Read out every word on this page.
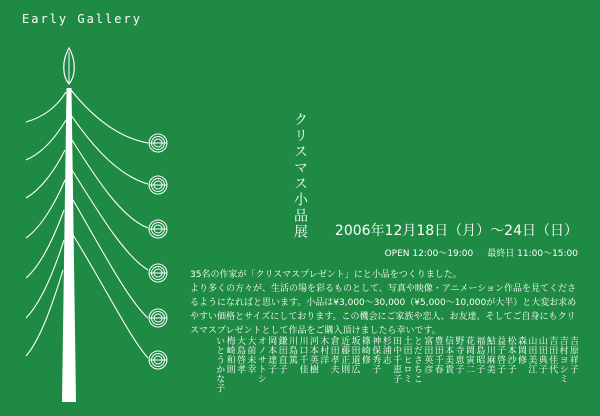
Early Gallery
クリスマス小品展 2006年12月18日（月）〜24日（日）
OPEN 12:00〜19:00 最終日 11:00〜15:00

35名の作家が「クリスマスプレゼント」にと小品をつくりました。

より多くの方々が、生活の場を彩るものとして、写真や映像・アニメーション作品を見てくださ

るようになればと思います。小品は¥3,000〜30,000（¥5,000〜10,000が大半）と大変お求め

やすい価格とサイズにしております。この機会にご家族や恋人、お友達、そしてご自身にもクリ

スマスプレゼントとして作品をご購入頂けましたら幸いです。

吉原祥子
吉村ヨシミ
吉田佳代
山田典子
山田美江
森岡修
松本沙子
益子啓子
鮎川麻美
福島昭子
花岡寅二
野寺恵子
信本美貴
豊田千春
富田英彦
とださちこ
土田ヒロミ
田中千恵子
杉浦志
神保秀子
篠崎修
坂田道広
近藤正則
倉田孝夫
木村洋
河本英樹
川口千佳
川島篤
鎌田直子
岡本達子
オノサトシ
大前未幸
大島啓孝
梅崎和則
いとうかな子
